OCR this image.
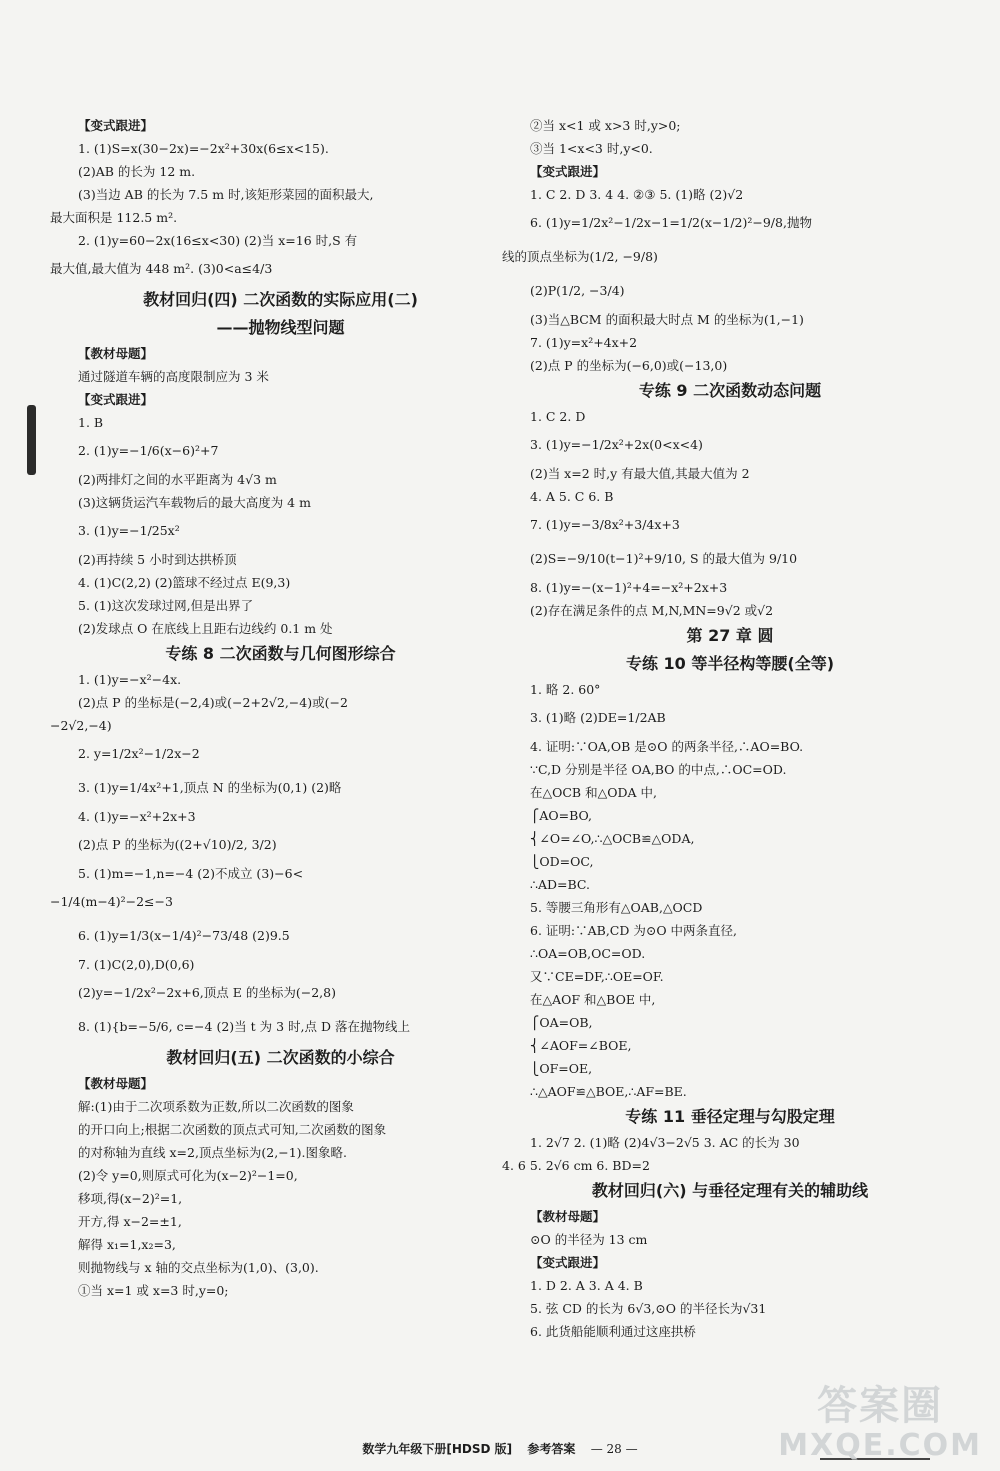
【变式跟进】
1. (1)S=x(30−2x)=−2x²+30x(6≤x<15).
(2)AB 的长为 12 m.
(3)当边 AB 的长为 7.5 m 时,该矩形菜园的面积最大,
最大面积是 112.5 m².
2. (1)y=60−2x(16≤x<30) (2)当 x=16 时,S 有
最大值,最大值为 448 m². (3)0<a≤4/3
教材回归(四) 二次函数的实际应用(二)
——抛物线型问题
【教材母题】
通过隧道车辆的高度限制应为 3 米
【变式跟进】
1. B
2. (1)y=−1/6(x−6)²+7
(2)两排灯之间的水平距离为 4√3 m
(3)这辆货运汽车载物后的最大高度为 4 m
3. (1)y=−1/25x²
(2)再持续 5 小时到达拱桥顶
4. (1)C(2,2) (2)篮球不经过点 E(9,3)
5. (1)这次发球过网,但是出界了
(2)发球点 O 在底线上且距右边线约 0.1 m 处
专练 8 二次函数与几何图形综合
1. (1)y=−x²−4x.
(2)点 P 的坐标是(−2,4)或(−2+2√2,−4)或(−2
−2√2,−4)
2. y=1/2x²−1/2x−2
3. (1)y=1/4x²+1,顶点 N 的坐标为(0,1) (2)略
4. (1)y=−x²+2x+3
(2)点 P 的坐标为((2+√10)/2, 3/2)
5. (1)m=−1,n=−4 (2)不成立 (3)−6<
−1/4(m−4)²−2≤−3
6. (1)y=1/3(x−1/4)²−73/48 (2)9.5
7. (1)C(2,0),D(0,6)
(2)y=−1/2x²−2x+6,顶点 E 的坐标为(−2,8)
8. (1){b=−5/6, c=−4 (2)当 t 为 3 时,点 D 落在抛物线上
教材回归(五) 二次函数的小综合
【教材母题】
解:(1)由于二次项系数为正数,所以二次函数的图象
的开口向上;根据二次函数的顶点式可知,二次函数的图象
的对称轴为直线 x=2,顶点坐标为(2,−1).图象略.
(2)令 y=0,则原式可化为(x−2)²−1=0,
移项,得(x−2)²=1,
开方,得 x−2=±1,
解得 x₁=1,x₂=3,
则抛物线与 x 轴的交点坐标为(1,0)、(3,0).
①当 x=1 或 x=3 时,y=0;
②当 x<1 或 x>3 时,y>0;
③当 1<x<3 时,y<0.
【变式跟进】
1. C 2. D 3. 4 4. ②③ 5. (1)略 (2)√2
6. (1)y=1/2x²−1/2x−1=1/2(x−1/2)²−9/8,抛物
线的顶点坐标为(1/2, −9/8)
(2)P(1/2, −3/4)
(3)当△BCM 的面积最大时点 M 的坐标为(1,−1)
7. (1)y=x²+4x+2
(2)点 P 的坐标为(−6,0)或(−13,0)
专练 9 二次函数动态问题
1. C 2. D
3. (1)y=−1/2x²+2x(0<x<4)
(2)当 x=2 时,y 有最大值,其最大值为 2
4. A 5. C 6. B
7. (1)y=−3/8x²+3/4x+3
(2)S=−9/10(t−1)²+9/10, S 的最大值为 9/10
8. (1)y=−(x−1)²+4=−x²+2x+3
(2)存在满足条件的点 M,N,MN=9√2 或√2
第 27 章 圆
专练 10 等半径构等腰(全等)
1. 略 2. 60°
3. (1)略 (2)DE=1/2AB
4. 证明:∵OA,OB 是⊙O 的两条半径,∴AO=BO.
∵C,D 分别是半径 OA,BO 的中点,∴OC=OD.
在△OCB 和△ODA 中,
⎧AO=BO,
⎨∠O=∠O,∴△OCB≌△ODA,
⎩OD=OC,
∴AD=BC.
5. 等腰三角形有△OAB,△OCD
6. 证明:∵AB,CD 为⊙O 中两条直径,
∴OA=OB,OC=OD.
又∵CE=DF,∴OE=OF.
在△AOF 和△BOE 中,
⎧OA=OB,
⎨∠AOF=∠BOE,
⎩OF=OE,
∴△AOF≌△BOE,∴AF=BE.
专练 11 垂径定理与勾股定理
1. 2√7 2. (1)略 (2)4√3−2√5 3. AC 的长为 30
4. 6 5. 2√6 cm 6. BD=2
教材回归(六) 与垂径定理有关的辅助线
【教材母题】
⊙O 的半径为 13 cm
【变式跟进】
1. D 2. A 3. A 4. B
5. 弦 CD 的长为 6√3,⊙O 的半径长为√31
6. 此货船能顺利通过这座拱桥
数学九年级下册[HDSD 版] 参考答案 — 28 —
答案圈
MXQE.COM
